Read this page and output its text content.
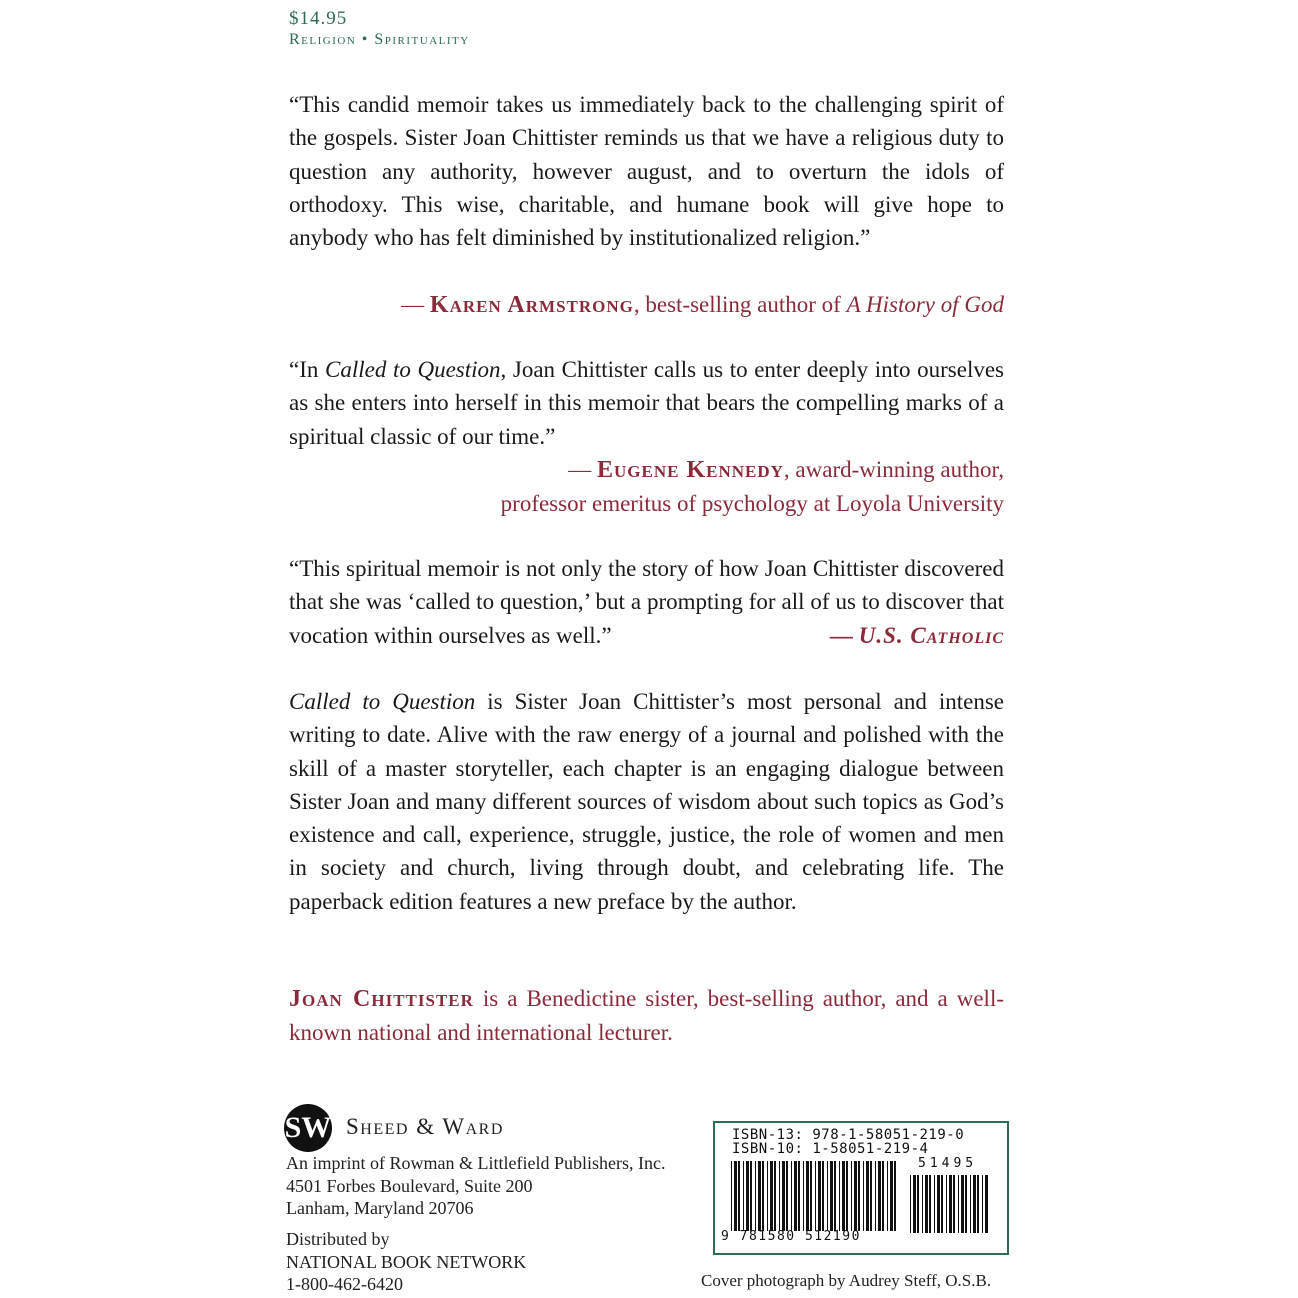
$14.95
Religion • Spirituality
“This candid memoir takes us immediately back to the challenging spirit of the gospels. Sister Joan Chittister reminds us that we have a religious duty to question any authority, however august, and to overturn the idols of orthodoxy. This wise, charitable, and humane book will give hope to anybody who has felt diminished by institutionalized religion.”
— Karen Armstrong, best-selling author of A History of God
“In Called to Question, Joan Chittister calls us to enter deeply into ourselves as she enters into herself in this memoir that bears the compelling marks of a spiritual classic of our time.”
— Eugene Kennedy, award-winning author,
professor emeritus of psychology at Loyola University
“This spiritual memoir is not only the story of how Joan Chittister discovered that she was ‘called to question,’ but a prompting for all of us to discover that vocation within ourselves as well.”	— U.S. Catholic
Called to Question is Sister Joan Chittister’s most personal and intense writing to date. Alive with the raw energy of a journal and polished with the skill of a master storyteller, each chapter is an engaging dialogue between Sister Joan and many different sources of wisdom about such topics as God’s existence and call, experience, struggle, justice, the role of women and men in society and church, living through doubt, and celebrating life. The paperback edition features a new preface by the author.
Joan Chittister is a Benedictine sister, best-selling author, and a well-known national and international lecturer.
SW Sheed & Ward
An imprint of Rowman & Littlefield Publishers, Inc.
4501 Forbes Boulevard, Suite 200
Lanham, Maryland 20706
Distributed by
NATIONAL BOOK NETWORK
1-800-462-6420
ISBN-13: 978-1-58051-219-0
ISBN-10: 1-58051-219-4
9 781580 512190
51495
Cover photograph by Audrey Steff, O.S.B.
